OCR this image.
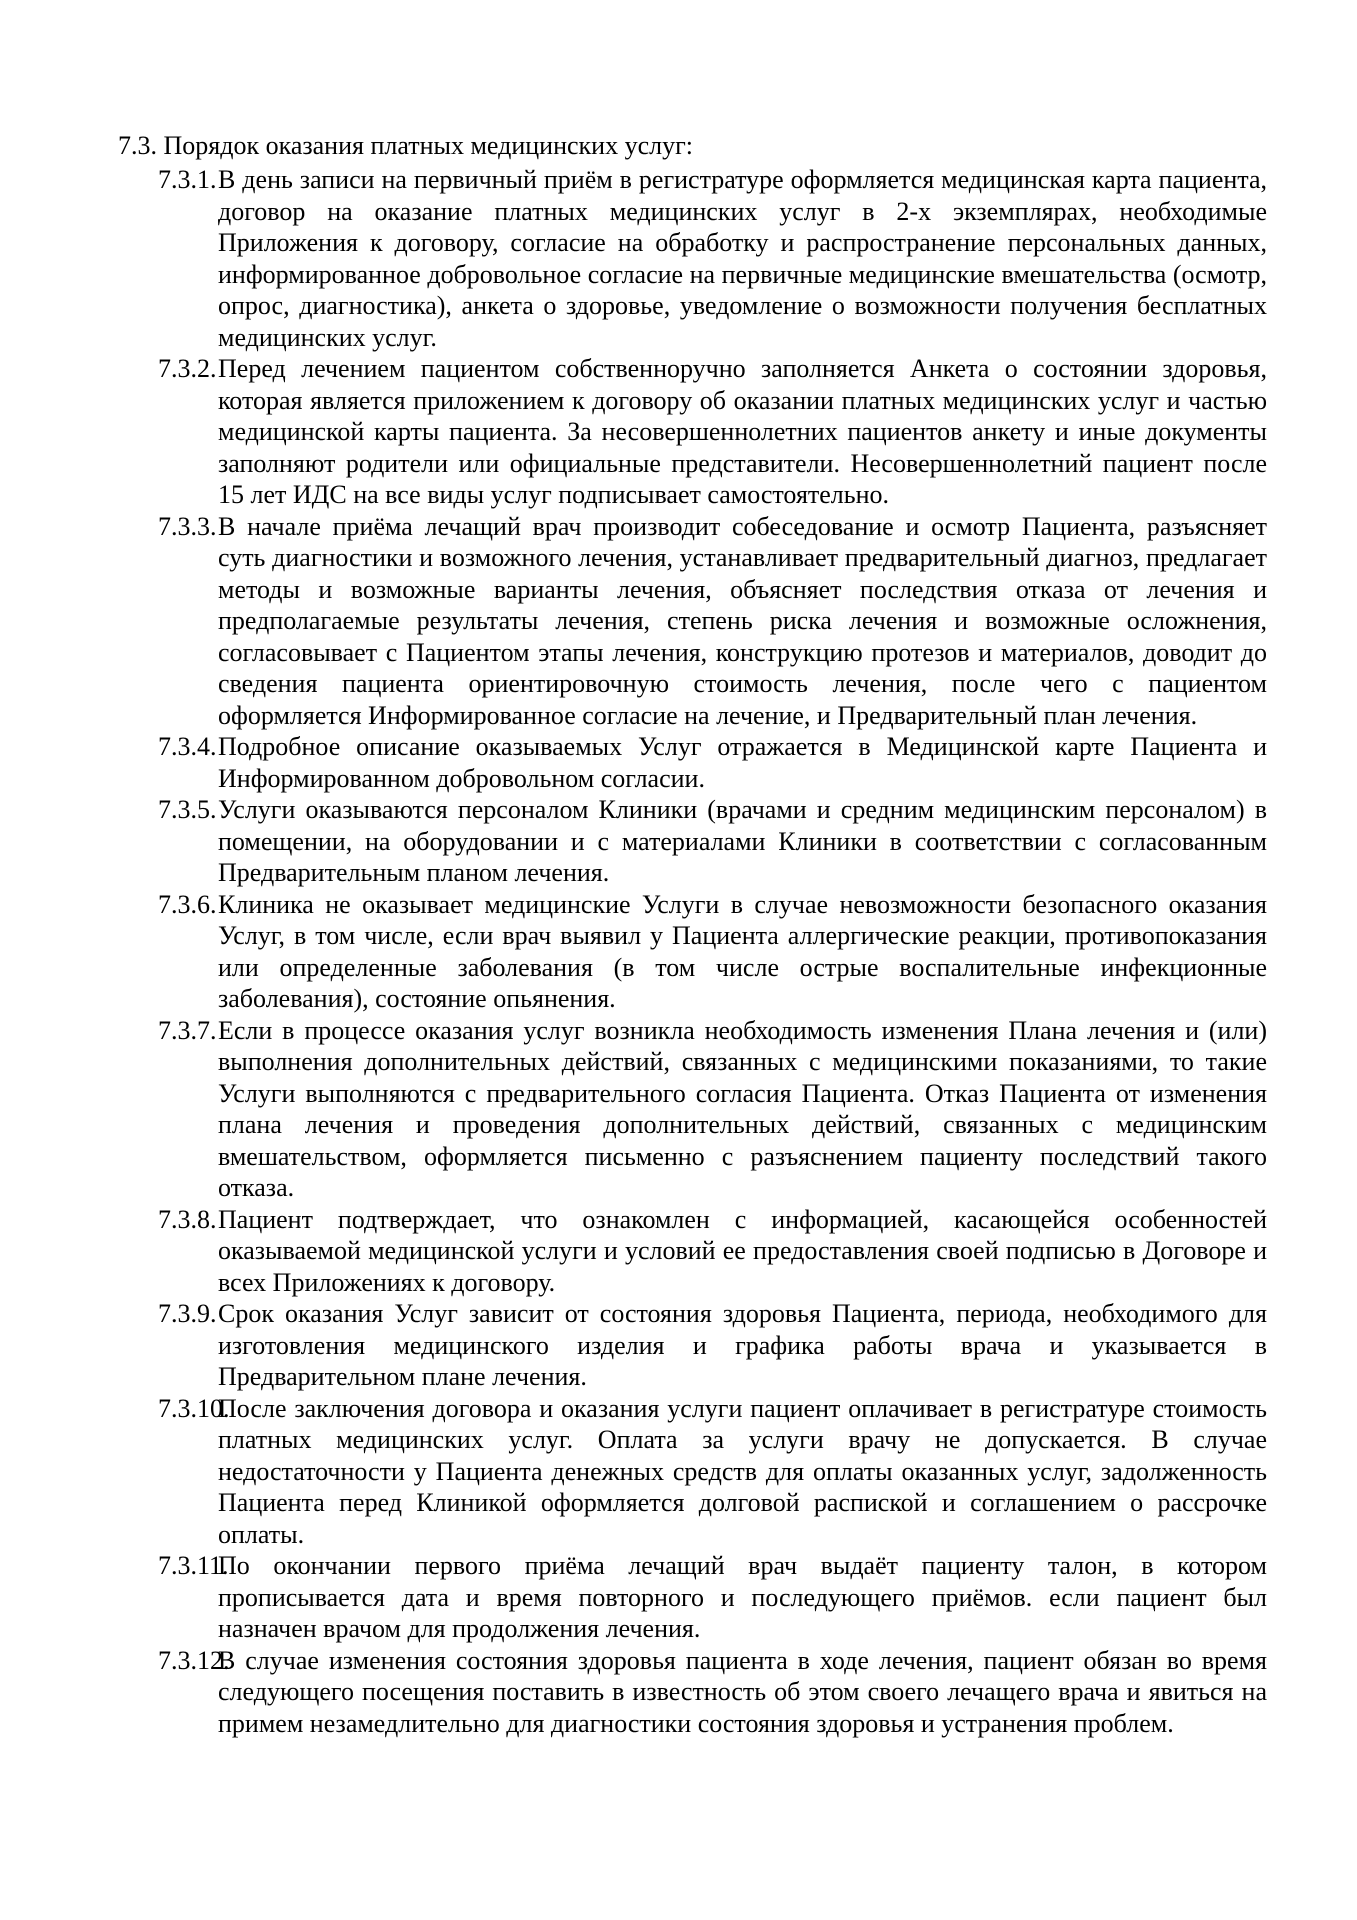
7.3. Порядок оказания платных медицинских услуг:
7.3.1. В день записи на первичный приём в регистратуре оформляется медицинская карта пациента, договор на оказание платных медицинских услуг в 2-х экземплярах, необходимые Приложения к договору, согласие на обработку и распространение персональных данных, информированное добровольное согласие на первичные медицинские вмешательства (осмотр, опрос, диагностика), анкета о здоровье, уведомление о возможности получения бесплатных медицинских услуг.
7.3.2. Перед лечением пациентом собственноручно заполняется Анкета о состоянии здоровья, которая является приложением к договору об оказании платных медицинских услуг и частью медицинской карты пациента. За несовершеннолетних пациентов анкету и иные документы заполняют родители или официальные представители. Несовершеннолетний пациент после 15 лет ИДС на все виды услуг подписывает самостоятельно.
7.3.3. В начале приёма лечащий врач производит собеседование и осмотр Пациента, разъясняет суть диагностики и возможного лечения, устанавливает предварительный диагноз, предлагает методы и возможные варианты лечения, объясняет последствия отказа от лечения и предполагаемые результаты лечения, степень риска лечения и возможные осложнения, согласовывает с Пациентом этапы лечения, конструкцию протезов и материалов, доводит до сведения пациента ориентировочную стоимость лечения, после чего с пациентом оформляется Информированное согласие на лечение, и Предварительный план лечения.
7.3.4. Подробное описание оказываемых Услуг отражается в Медицинской карте Пациента и Информированном добровольном согласии.
7.3.5. Услуги оказываются персоналом Клиники (врачами и средним медицинским персоналом) в помещении, на оборудовании и с материалами Клиники в соответствии с согласованным Предварительным планом лечения.
7.3.6. Клиника не оказывает медицинские Услуги в случае невозможности безопасного оказания Услуг, в том числе, если врач выявил у Пациента аллергические реакции, противопоказания или определенные заболевания (в том числе острые воспалительные инфекционные заболевания), состояние опьянения.
7.3.7. Если в процессе оказания услуг возникла необходимость изменения Плана лечения и (или) выполнения дополнительных действий, связанных с медицинскими показаниями, то такие Услуги выполняются с предварительного согласия Пациента. Отказ Пациента от изменения плана лечения и проведения дополнительных действий, связанных с медицинским вмешательством, оформляется письменно с разъяснением пациенту последствий такого отказа.
7.3.8. Пациент подтверждает, что ознакомлен с информацией, касающейся особенностей оказываемой медицинской услуги и условий ее предоставления своей подписью в Договоре и всех Приложениях к договору.
7.3.9. Срок оказания Услуг зависит от состояния здоровья Пациента, периода, необходимого для изготовления медицинского изделия и графика работы врача и указывается в Предварительном плане лечения.
7.3.10.
После заключения договора и оказания услуги пациент оплачивает в регистратуре стоимость платных медицинских услуг. Оплата за услуги врачу не допускается. В случае недостаточности у Пациента денежных средств для оплаты оказанных услуг, задолженность Пациента перед Клиникой оформляется долговой распиской и соглашением о рассрочке оплаты.
7.3.11.
По окончании первого приёма лечащий врач выдаёт пациенту талон, в котором прописывается дата и время повторного и последующего приёмов. если пациент был назначен врачом для продолжения лечения.
7.3.12.
В случае изменения состояния здоровья пациента в ходе лечения, пациент обязан во время следующего посещения поставить в известность об этом своего лечащего врача и явиться на примем незамедлительно для диагностики состояния здоровья и устранения проблем.
